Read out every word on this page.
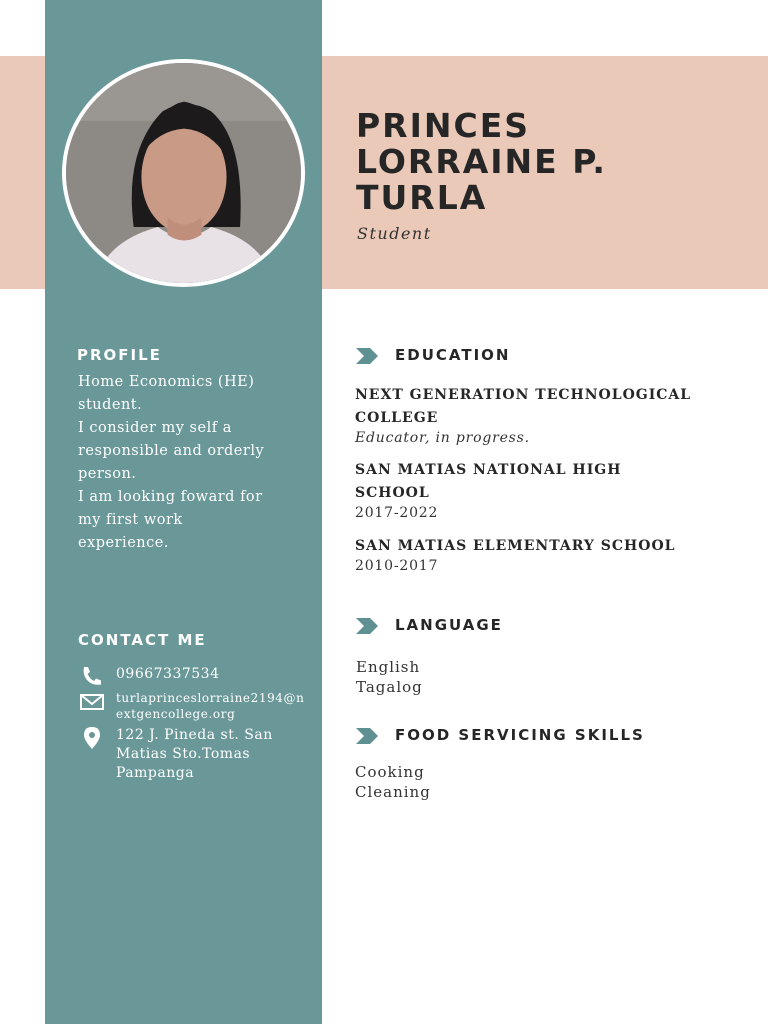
PRINCES
LORRAINE P.
TURLA
Student
PROFILE
Home Economics (HE)
student.
I consider my self a
responsible and orderly
person.
I am looking foward for
my first work
experience.
CONTACT ME
09667337534
turlaprinceslorraine2194@nextgencollege.org
122 J. Pineda st. San Matias Sto.Tomas Pampanga
EDUCATION
NEXT GENERATION TECHNOLOGICAL COLLEGE
Educator, in progress.
SAN MATIAS NATIONAL HIGH SCHOOL
2017-2022
SAN MATIAS ELEMENTARY SCHOOL
2010-2017
LANGUAGE
English
Tagalog
FOOD SERVICING SKILLS
Cooking
Cleaning
